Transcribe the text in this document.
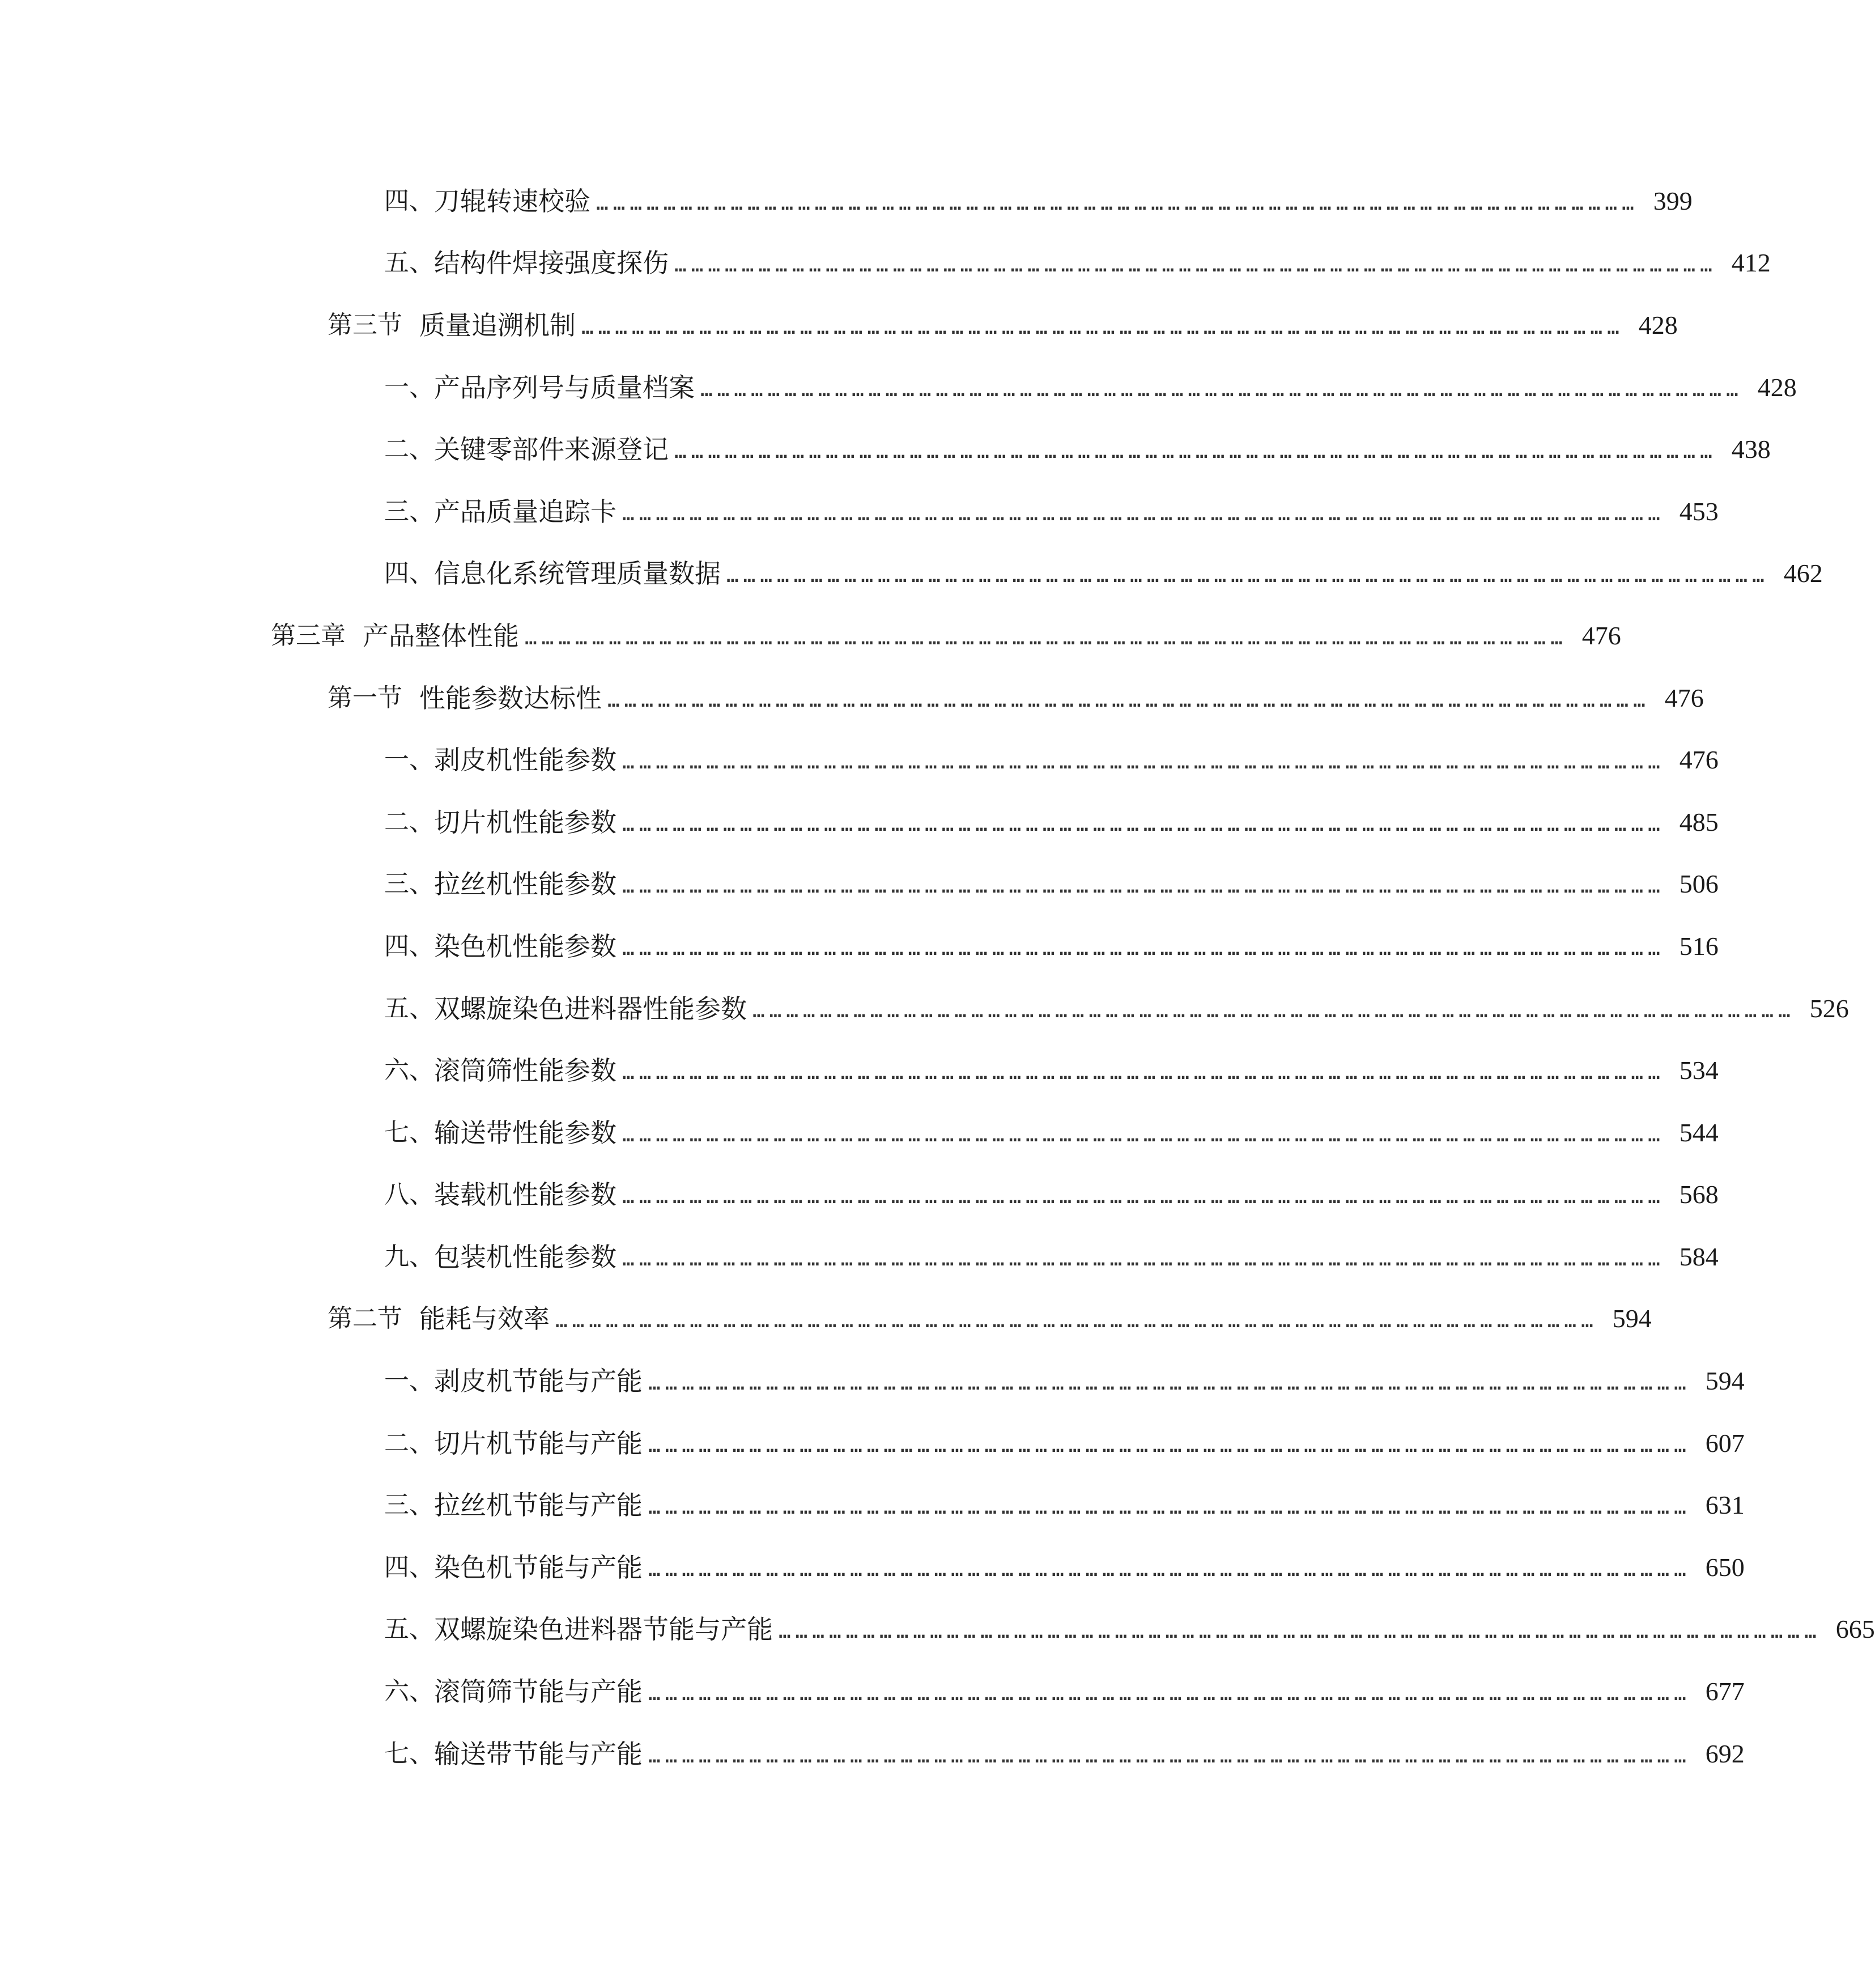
四、 刀辊转速校验 …………………………………………………………………………………………………………………………………………………………………… 399
五、 结构件焊接强度探伤 …………………………………………………………………………………………………………………………………………………………………… 412
第三节 质量追溯机制 …………………………………………………………………………………………………………………………………………………………………… 428
一、 产品序列号与质量档案 …………………………………………………………………………………………………………………………………………………………………… 428
二、 关键零部件来源登记 …………………………………………………………………………………………………………………………………………………………………… 438
三、 产品质量追踪卡 …………………………………………………………………………………………………………………………………………………………………… 453
四、 信息化系统管理质量数据 …………………………………………………………………………………………………………………………………………………………………… 462
第三章 产品整体性能 …………………………………………………………………………………………………………………………………………………………………… 476
第一节 性能参数达标性 …………………………………………………………………………………………………………………………………………………………………… 476
一、 剥皮机性能参数 …………………………………………………………………………………………………………………………………………………………………… 476
二、 切片机性能参数 …………………………………………………………………………………………………………………………………………………………………… 485
三、 拉丝机性能参数 …………………………………………………………………………………………………………………………………………………………………… 506
四、 染色机性能参数 …………………………………………………………………………………………………………………………………………………………………… 516
五、 双螺旋染色进料器性能参数 …………………………………………………………………………………………………………………………………………………………………… 526
六、 滚筒筛性能参数 …………………………………………………………………………………………………………………………………………………………………… 534
七、 输送带性能参数 …………………………………………………………………………………………………………………………………………………………………… 544
八、 装载机性能参数 …………………………………………………………………………………………………………………………………………………………………… 568
九、 包装机性能参数 …………………………………………………………………………………………………………………………………………………………………… 584
第二节 能耗与效率 …………………………………………………………………………………………………………………………………………………………………… 594
一、 剥皮机节能与产能 …………………………………………………………………………………………………………………………………………………………………… 594
二、 切片机节能与产能 …………………………………………………………………………………………………………………………………………………………………… 607
三、 拉丝机节能与产能 …………………………………………………………………………………………………………………………………………………………………… 631
四、 染色机节能与产能 …………………………………………………………………………………………………………………………………………………………………… 650
五、 双螺旋染色进料器节能与产能 …………………………………………………………………………………………………………………………………………………………………… 665
六、 滚筒筛节能与产能 …………………………………………………………………………………………………………………………………………………………………… 677
七、 输送带节能与产能 …………………………………………………………………………………………………………………………………………………………………… 692
